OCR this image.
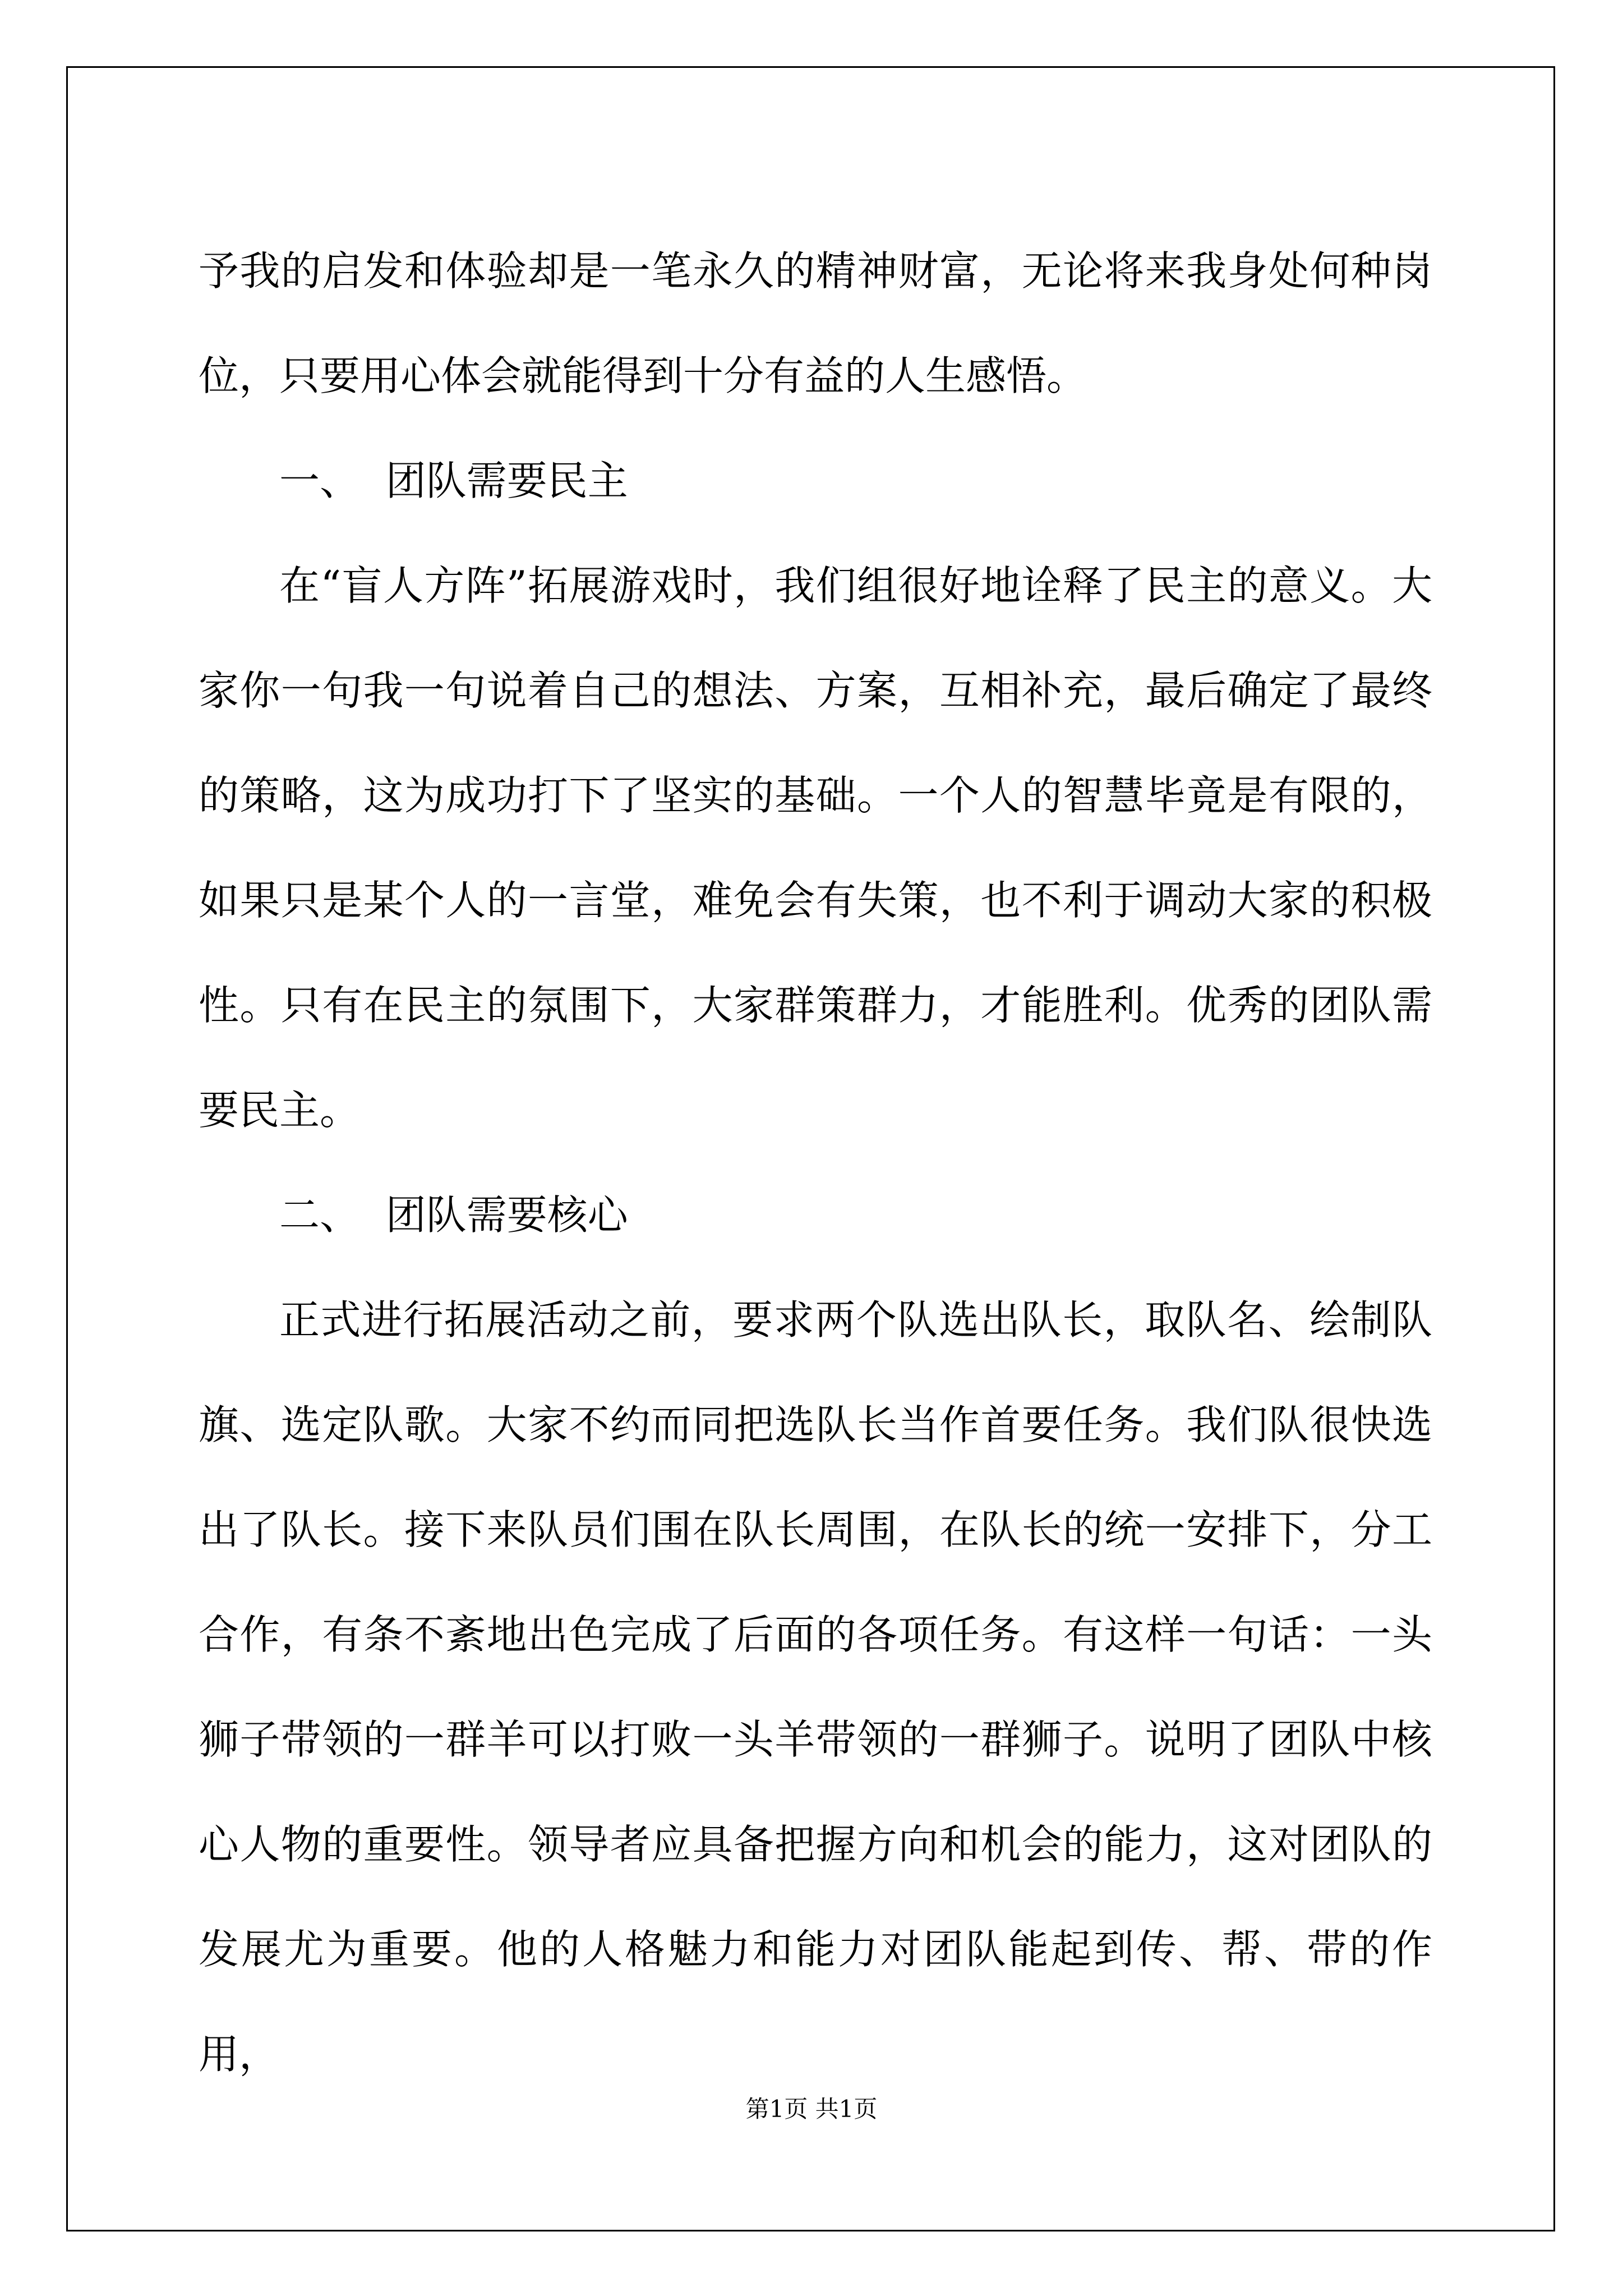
予我的启发和体验却是一笔永久的精神财富，无论将来我身处何种岗位，只要用心体会就能得到十分有益的人生感悟。

一、  团队需要民主

在“盲人方阵”拓展游戏时，我们组很好地诠释了民主的意义。大家你一句我一句说着自己的想法、方案，互相补充，最后确定了最终的策略，这为成功打下了坚实的基础。一个人的智慧毕竟是有限的，如果只是某个人的一言堂，难免会有失策，也不利于调动大家的积极性。只有在民主的氛围下，大家群策群力，才能胜利。优秀的团队需要民主。

二、  团队需要核心

正式进行拓展活动之前，要求两个队选出队长，取队名、绘制队旗、选定队歌。大家不约而同把选队长当作首要任务。我们队很快选出了队长。接下来队员们围在队长周围，在队长的统一安排下，分工合作，有条不紊地出色完成了后面的各项任务。有这样一句话：一头狮子带领的一群羊可以打败一头羊带领的一群狮子。说明了团队中核心人物的重要性。领导者应具备把握方向和机会的能力，这对团队的发展尤为重要。他的人格魅力和能力对团队能起到传、帮、带的作用，

第1页 共1页
